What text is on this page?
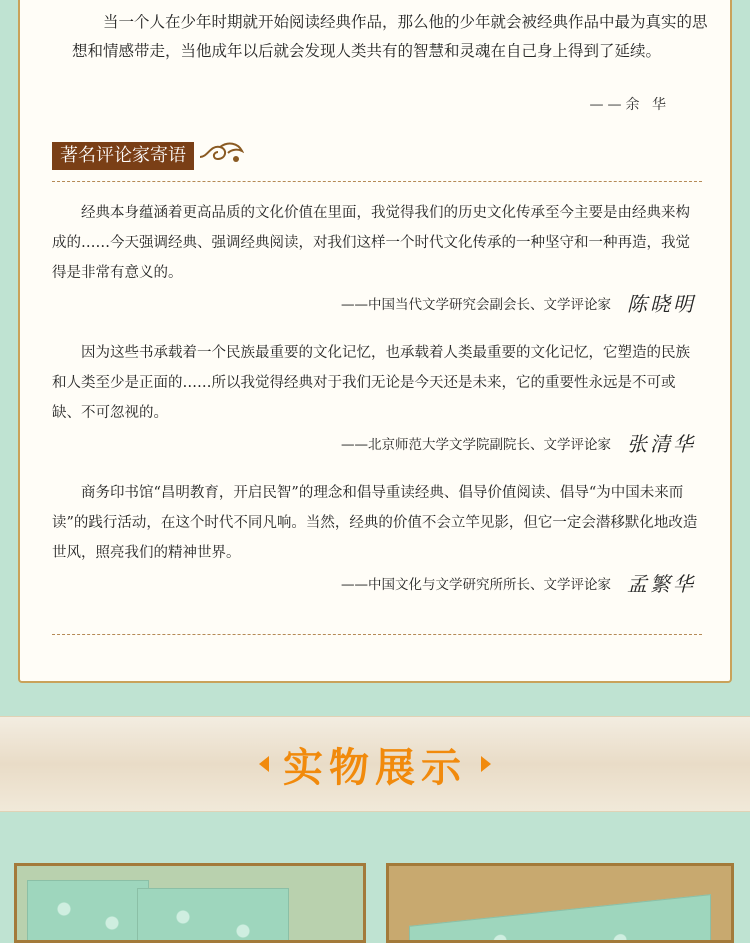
当一个人在少年时期就开始阅读经典作品，那么他的少年就会被经典作品中最为真实的思想和情感带走，当他成年以后就会发现人类共有的智慧和灵魂在自己身上得到了延续。

——余 华
著名评论家寄语

经典本身蕴涵着更高品质的文化价值在里面，我觉得我们的历史文化传承至今主要是由经典来构成的……今天强调经典、强调经典阅读，对我们这样一个时代文化传承的一种坚守和一种再造，我觉得是非常有意义的。

——中国当代文学研究会副会长、文学评论家 陈晓明

因为这些书承载着一个民族最重要的文化记忆，也承载着人类最重要的文化记忆，它塑造的民族和人类至少是正面的……所以我觉得经典对于我们无论是今天还是未来，它的重要性永远是不可或缺、不可忽视的。

——北京师范大学文学院副院长、文学评论家 张清华

商务印书馆“昌明教育，开启民智”的理念和倡导重读经典、倡导价值阅读、倡导“为中国未来而读”的践行活动，在这个时代不同凡响。当然，经典的价值不会立竿见影，但它一定会潜移默化地改造世风，照亮我们的精神世界。

——中国文化与文学研究所所长、文学评论家 孟繁华
实物展示
